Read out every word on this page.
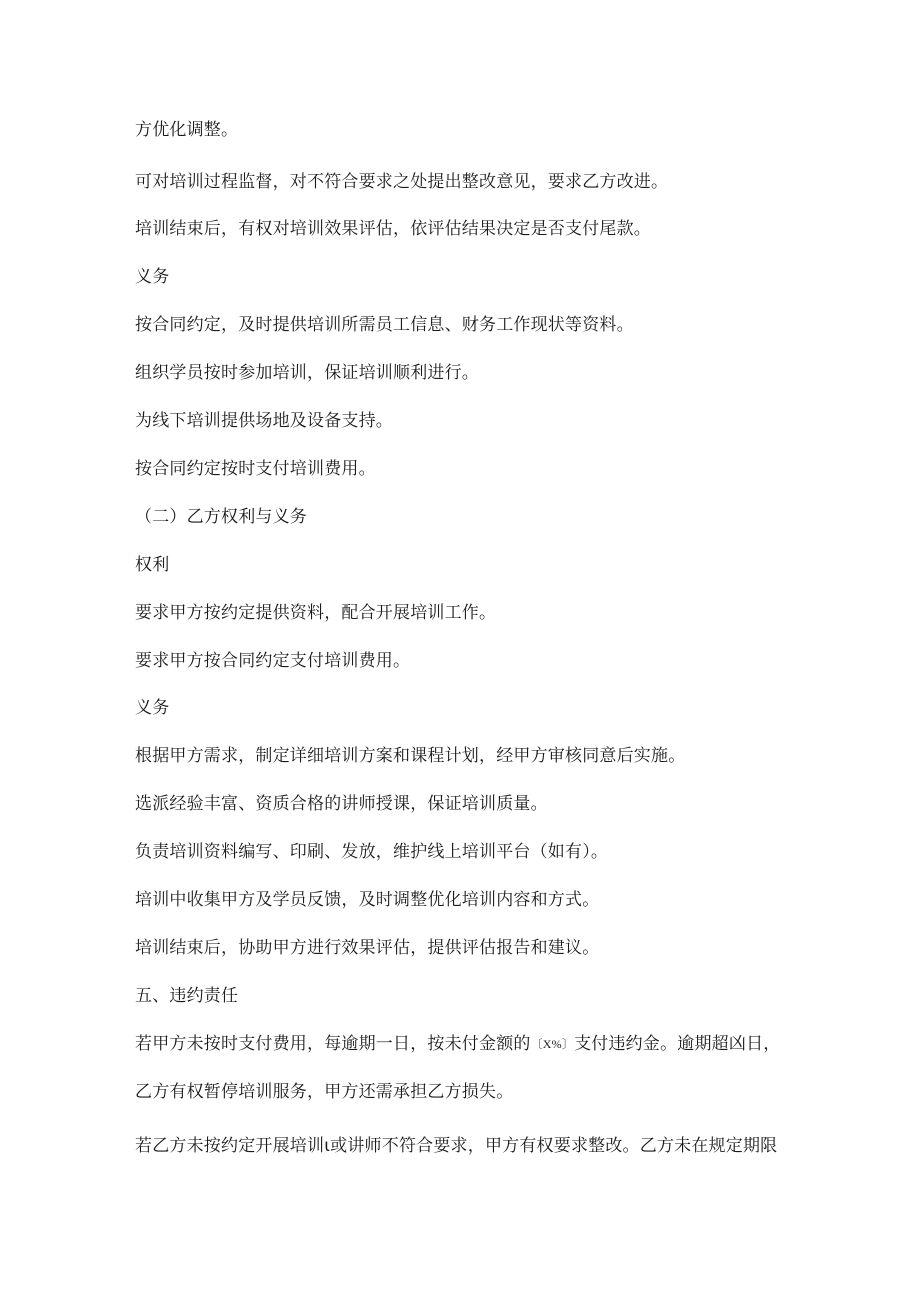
方优化调整。
可对培训过程监督，对不符合要求之处提出整改意见，要求乙方改进。
培训结束后，有权对培训效果评估，依评估结果决定是否支付尾款。
义务
按合同约定，及时提供培训所需员工信息、财务工作现状等资料。
组织学员按时参加培训，保证培训顺利进行。
为线下培训提供场地及设备支持。
按合同约定按时支付培训费用。
（二）乙方权利与义务
权利
要求甲方按约定提供资料，配合开展培训工作。
要求甲方按合同约定支付培训费用。
义务
根据甲方需求，制定详细培训方案和课程计划，经甲方审核同意后实施。
选派经验丰富、资质合格的讲师授课，保证培训质量。
负责培训资料编写、印刷、发放，维护线上培训平台（如有）。
培训中收集甲方及学员反馈，及时调整优化培训内容和方式。
培训结束后，协助甲方进行效果评估，提供评估报告和建议。
五、违约责任
若甲方未按时支付费用，每逾期一日，按未付金额的〔X%〕支付违约金。逾期超凶日，
乙方有权暂停培训服务，甲方还需承担乙方损失。
若乙方未按约定开展培训ι或讲师不符合要求，甲方有权要求整改。乙方未在规定期限
